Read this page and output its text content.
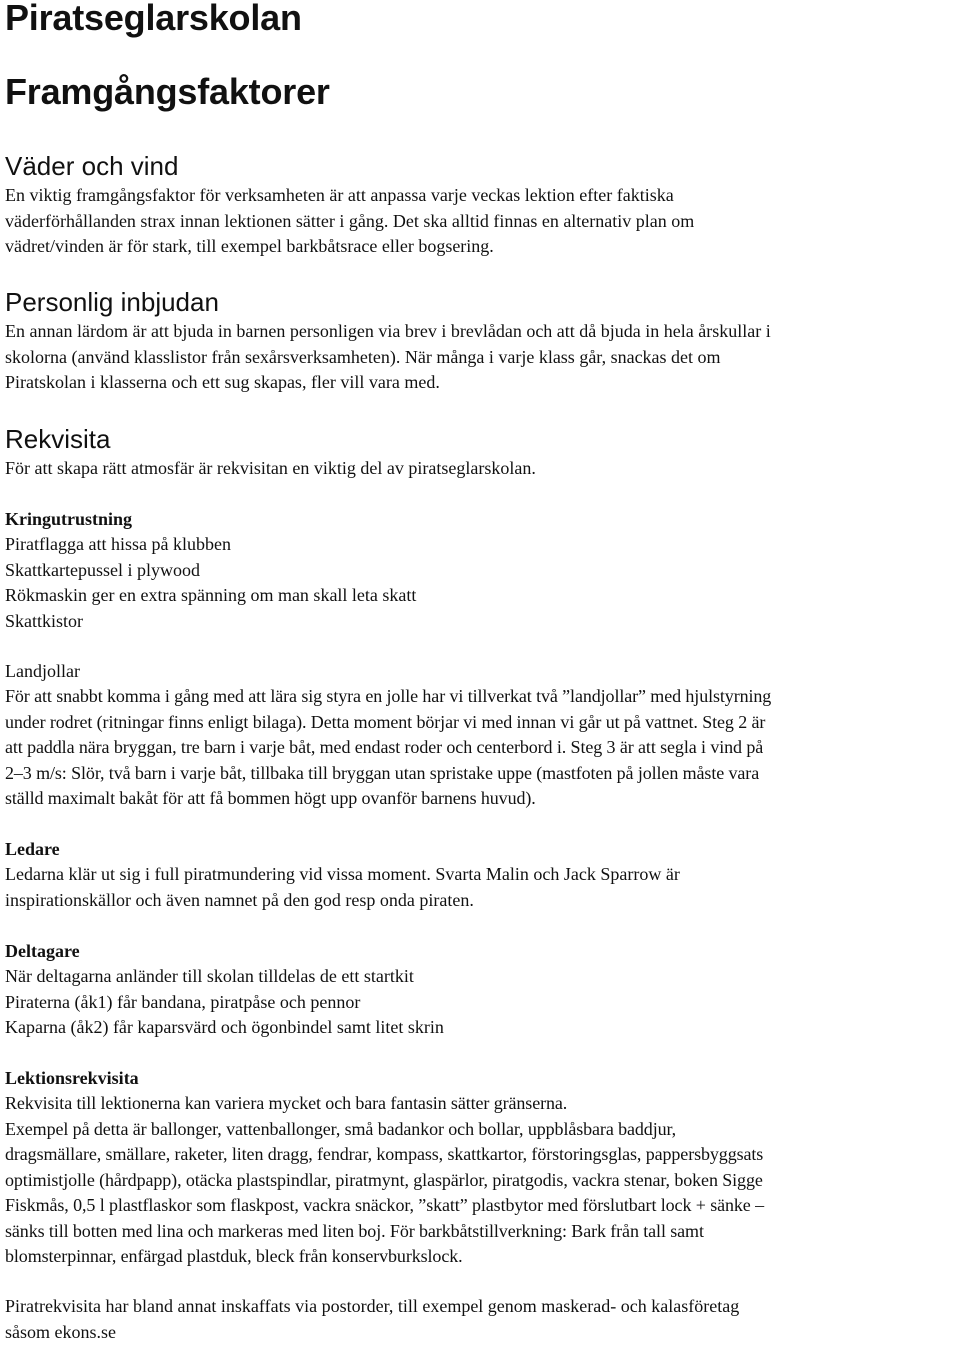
Piratseglarskolan
Framgångsfaktorer
Väder och vind
En viktig framgångsfaktor för verksamheten är att anpassa varje veckas lektion efter faktiska
väderförhållanden strax innan lektionen sätter i gång. Det ska alltid finnas en alternativ plan om
vädret/vinden är för stark, till exempel barkbåtsrace eller bogsering.
Personlig inbjudan
En annan lärdom är att bjuda in barnen personligen via brev i brevlådan och att då bjuda in hela årskullar i
skolorna (använd klasslistor från sexårsverksamheten). När många i varje klass går, snackas det om
Piratskolan i klasserna och ett sug skapas, fler vill vara med.
Rekvisita
För att skapa rätt atmosfär är rekvisitan en viktig del av piratseglarskolan.
Kringutrustning
Piratflagga att hissa på klubben
Skattkartepussel i plywood
Rökmaskin ger en extra spänning om man skall leta skatt
Skattkistor
Landjollar
För att snabbt komma i gång med att lära sig styra en jolle har vi tillverkat två ”landjollar” med hjulstyrning
under rodret (ritningar finns enligt bilaga). Detta moment börjar vi med innan vi går ut på vattnet. Steg 2 är
att paddla nära bryggan, tre barn i varje båt, med endast roder och centerbord i. Steg 3 är att segla i vind på
2–3 m/s: Slör, två barn i varje båt, tillbaka till bryggan utan spristake uppe (mastfoten på jollen måste vara
ställd maximalt bakåt för att få bommen högt upp ovanför barnens huvud).
Ledare
Ledarna klär ut sig i full piratmundering vid vissa moment. Svarta Malin och Jack Sparrow är
inspirationskällor och även namnet på den god resp onda piraten.
Deltagare
När deltagarna anländer till skolan tilldelas de ett startkit
Piraterna (åk1) får bandana, piratpåse och pennor
Kaparna (åk2) får kaparsvärd och ögonbindel samt litet skrin
Lektionsrekvisita
Rekvisita till lektionerna kan variera mycket och bara fantasin sätter gränserna.
Exempel på detta är ballonger, vattenballonger, små badankor och bollar, uppblåsbara baddjur,
dragsmällare, smällare, raketer, liten dragg, fendrar, kompass, skattkartor, förstoringsglas, pappersbyggsats
optimistjolle (hårdpapp), otäcka plastspindlar, piratmynt, glaspärlor, piratgodis, vackra stenar, boken Sigge
Fiskmås, 0,5 l plastflaskor som flaskpost, vackra snäckor, ”skatt” plastbytor med förslutbart lock + sänke –
sänks till botten med lina och markeras med liten boj. För barkbåtstillverkning: Bark från tall samt
blomsterpinnar, enfärgad plastduk, bleck från konservburkslock.
Piratrekvisita har bland annat inskaffats via postorder, till exempel genom maskerad- och kalasföretag
såsom ekons.se
